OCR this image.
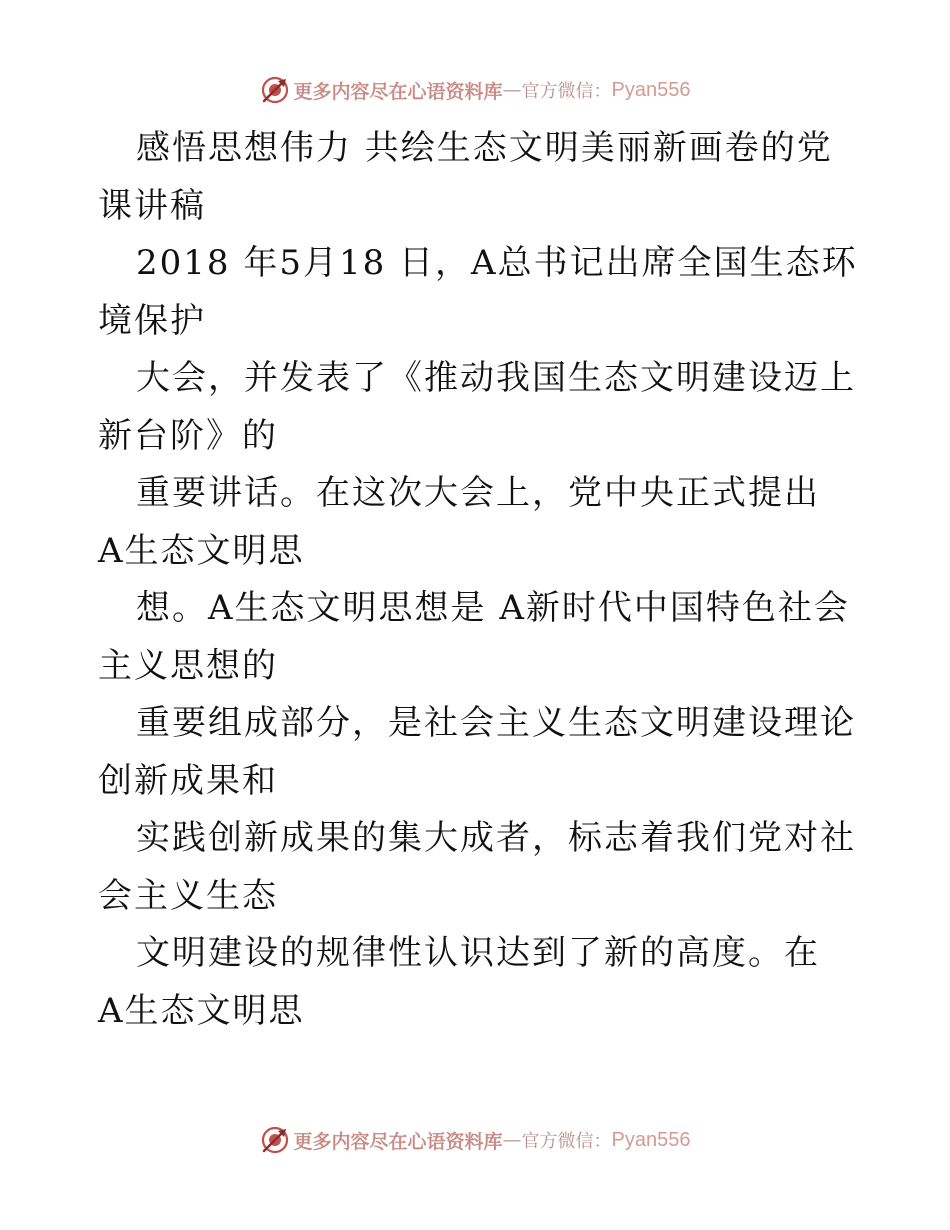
更多内容尽在心语资料库 — 官方微信： Pyan556

感悟思想伟力 共绘生态文明美丽新画卷的党课讲稿

2018 年5月18 日，A总书记出席全国生态环境保护

大会，并发表了《推动我国生态文明建设迈上新台阶》的

重要讲话。在这次大会上，党中央正式提出 A生态文明思

想。A生态文明思想是 A新时代中国特色社会主义思想的

重要组成部分，是社会主义生态文明建设理论创新成果和

实践创新成果的集大成者，标志着我们党对社会主义生态

文明建设的规律性认识达到了新的高度。在 A生态文明思

更多内容尽在心语资料库 — 官方微信： Pyan556
